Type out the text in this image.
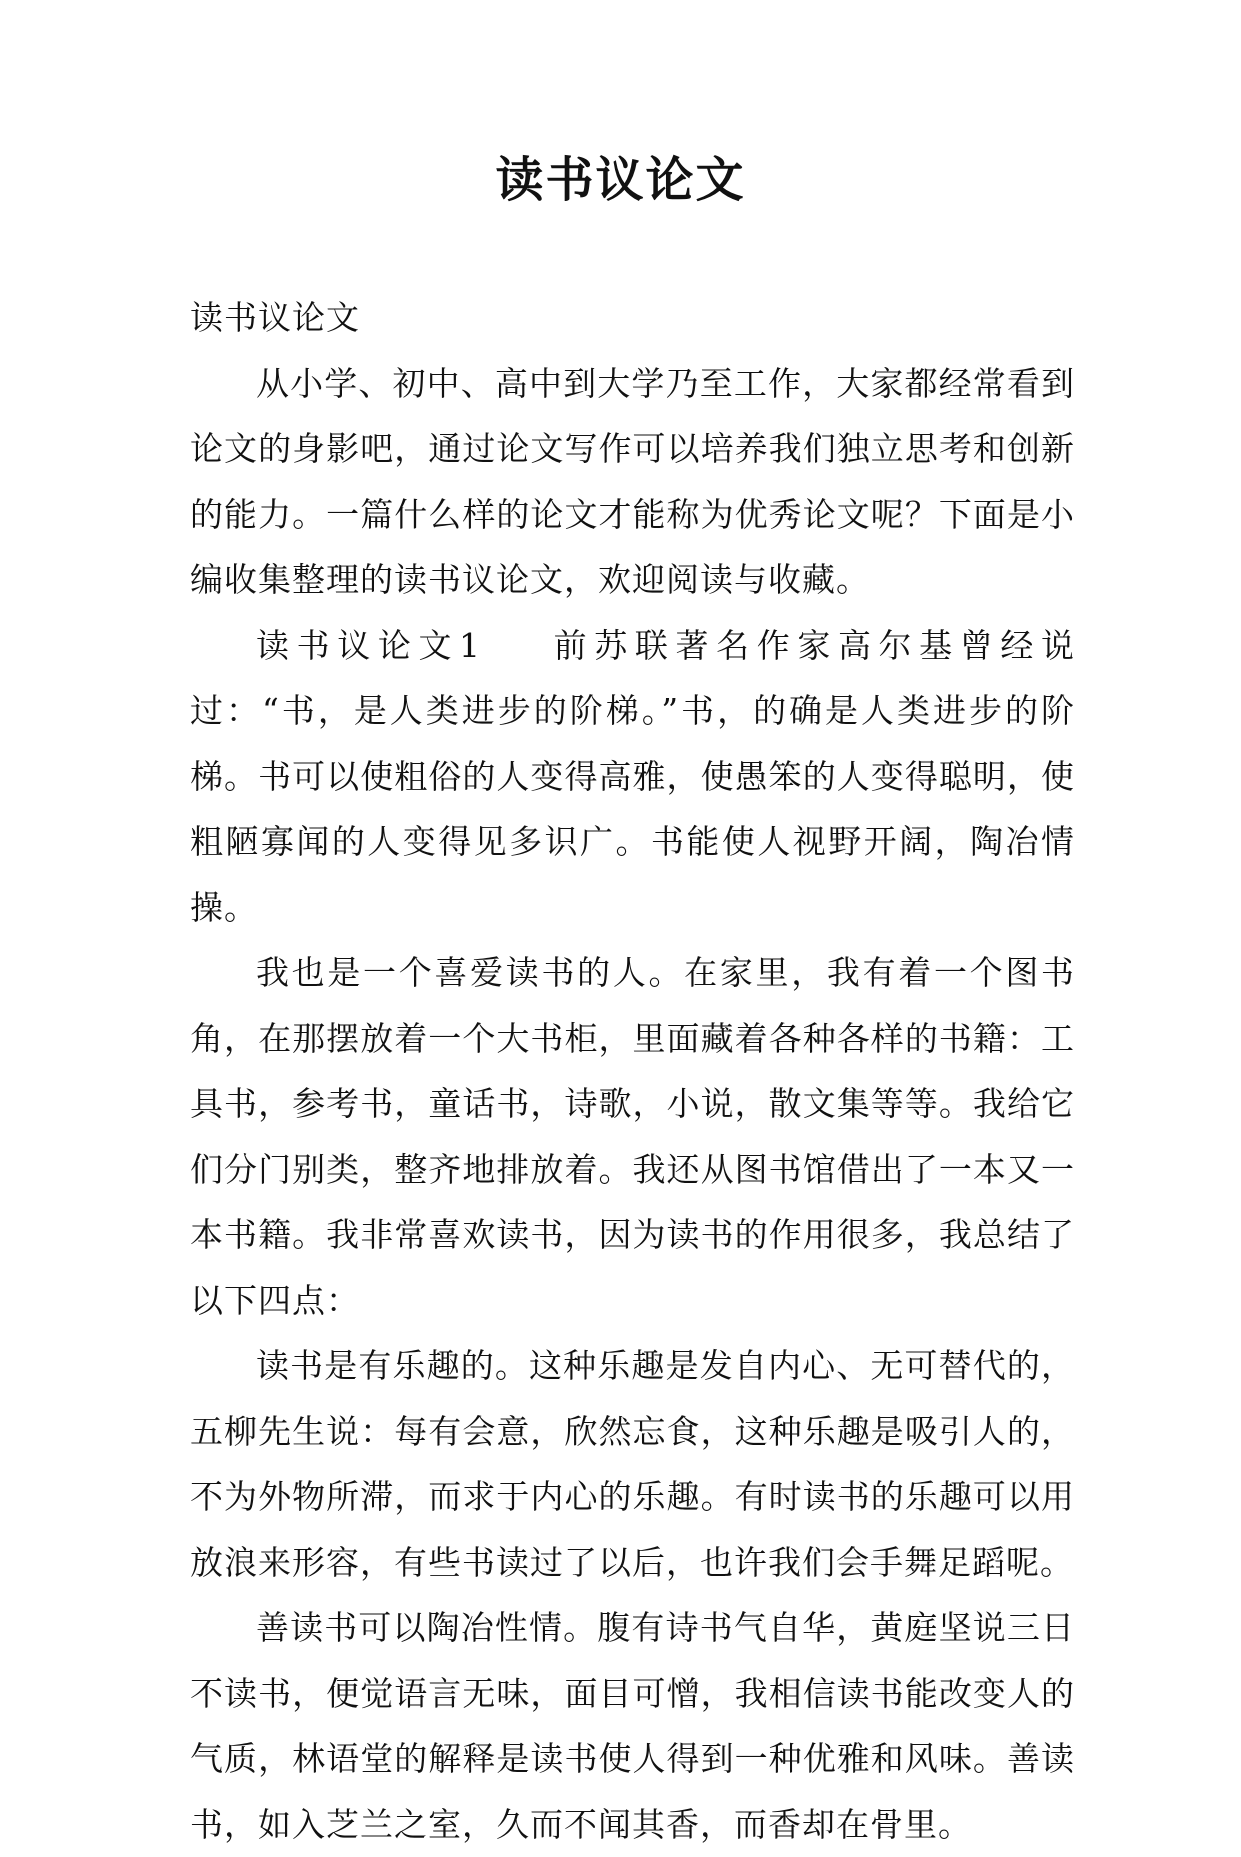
读书议论文

读书议论文

从小学、初中、高中到大学乃至工作，大家都经常看到论文的身影吧，通过论文写作可以培养我们独立思考和创新的能力。一篇什么样的论文才能称为优秀论文呢？下面是小编收集整理的读书议论文，欢迎阅读与收藏。

读书议论文1 前苏联著名作家高尔基曾经说过：“书，是人类进步的阶梯。”书，的确是人类进步的阶梯。书可以使粗俗的人变得高雅，使愚笨的人变得聪明，使粗陋寡闻的人变得见多识广。书能使人视野开阔，陶冶情操。

我也是一个喜爱读书的人。在家里，我有着一个图书角，在那摆放着一个大书柜，里面藏着各种各样的书籍：工具书，参考书，童话书，诗歌，小说，散文集等等。我给它们分门别类，整齐地排放着。我还从图书馆借出了一本又一本书籍。我非常喜欢读书，因为读书的作用很多，我总结了以下四点：

读书是有乐趣的。这种乐趣是发自内心、无可替代的，五柳先生说：每有会意，欣然忘食，这种乐趣是吸引人的，不为外物所滞，而求于内心的乐趣。有时读书的乐趣可以用放浪来形容，有些书读过了以后，也许我们会手舞足蹈呢。

善读书可以陶冶性情。腹有诗书气自华，黄庭坚说三日不读书，便觉语言无味，面目可憎，我相信读书能改变人的气质，林语堂的解释是读书使人得到一种优雅和风味。善读书，如入芝兰之室，久而不闻其香，而香却在骨里。
